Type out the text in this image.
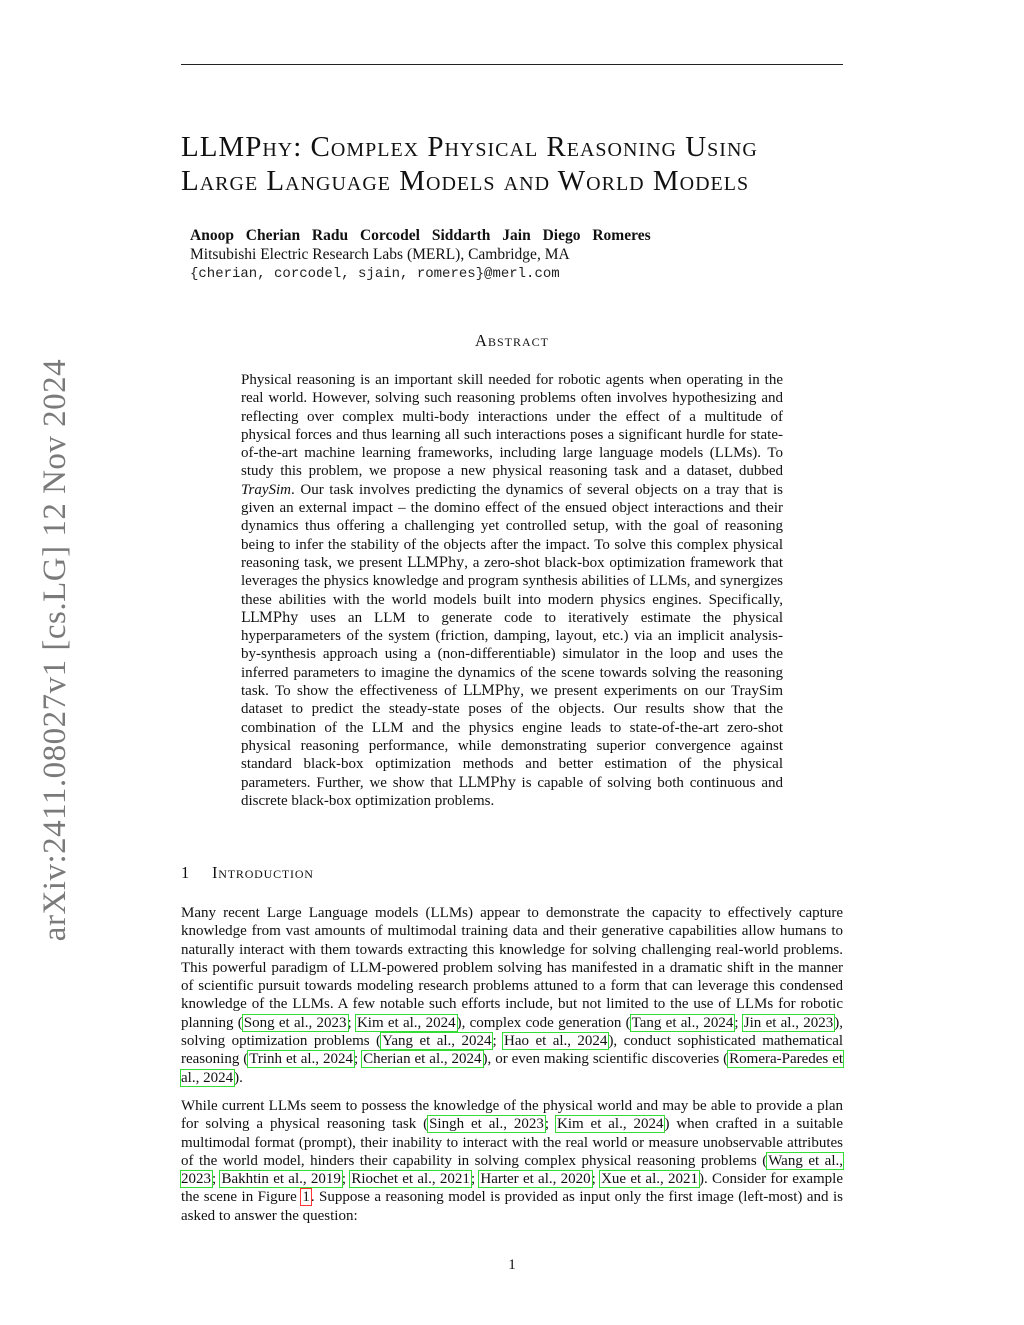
arXiv:2411.08027v1 [cs.LG] 12 Nov 2024
LLMPhy: Complex Physical Reasoning Using
Large Language Models and World Models
Anoop Cherian Radu Corcodel Siddarth Jain Diego Romeres
Mitsubishi Electric Research Labs (MERL), Cambridge, MA
{cherian, corcodel, sjain, romeres}@merl.com
Abstract
Physical reasoning is an important skill needed for robotic agents when operating in the real world. However, solving such reasoning problems often involves hypothesizing and reflecting over complex multi-body interactions under the effect of a multitude of physical forces and thus learning all such interactions poses a significant hurdle for state-of-the-art machine learning frameworks, including large language models (LLMs). To study this problem, we propose a new physical reasoning task and a dataset, dubbed TraySim. Our task involves predicting the dynamics of several objects on a tray that is given an external impact – the domino effect of the ensued object interactions and their dynamics thus offering a challenging yet controlled setup, with the goal of reasoning being to infer the stability of the objects after the impact. To solve this complex physical reasoning task, we present LLMPhy, a zero-shot black-box optimization framework that leverages the physics knowledge and program synthesis abilities of LLMs, and synergizes these abilities with the world models built into modern physics engines. Specifically, LLMPhy uses an LLM to generate code to iteratively estimate the physical hyperparameters of the system (friction, damping, layout, etc.) via an implicit analysis-by-synthesis approach using a (non-differentiable) simulator in the loop and uses the inferred parameters to imagine the dynamics of the scene towards solving the reasoning task. To show the effectiveness of LLMPhy, we present experiments on our TraySim dataset to predict the steady-state poses of the objects. Our results show that the combination of the LLM and the physics engine leads to state-of-the-art zero-shot physical reasoning performance, while demonstrating superior convergence against standard black-box optimization methods and better estimation of the physical parameters. Further, we show that LLMPhy is capable of solving both continuous and discrete black-box optimization problems.
1 Introduction
Many recent Large Language models (LLMs) appear to demonstrate the capacity to effectively capture knowledge from vast amounts of multimodal training data and their generative capabilities allow humans to naturally interact with them towards extracting this knowledge for solving challenging real-world problems. This powerful paradigm of LLM-powered problem solving has manifested in a dramatic shift in the manner of scientific pursuit towards modeling research problems attuned to a form that can leverage this condensed knowledge of the LLMs. A few notable such efforts include, but not limited to the use of LLMs for robotic planning (Song et al., 2023; Kim et al., 2024), complex code generation (Tang et al., 2024; Jin et al., 2023), solving optimization problems (Yang et al., 2024; Hao et al., 2024), conduct sophisticated mathematical reasoning (Trinh et al., 2024; Cherian et al., 2024), or even making scientific discoveries (Romera-Paredes et al., 2024).
While current LLMs seem to possess the knowledge of the physical world and may be able to provide a plan for solving a physical reasoning task (Singh et al., 2023; Kim et al., 2024) when crafted in a suitable multimodal format (prompt), their inability to interact with the real world or measure unobservable attributes of the world model, hinders their capability in solving complex physical reasoning problems (Wang et al., 2023; Bakhtin et al., 2019; Riochet et al., 2021; Harter et al., 2020; Xue et al., 2021). Consider for example the scene in Figure 1. Suppose a reasoning model is provided as input only the first image (left-most) and is asked to answer the question:
1
